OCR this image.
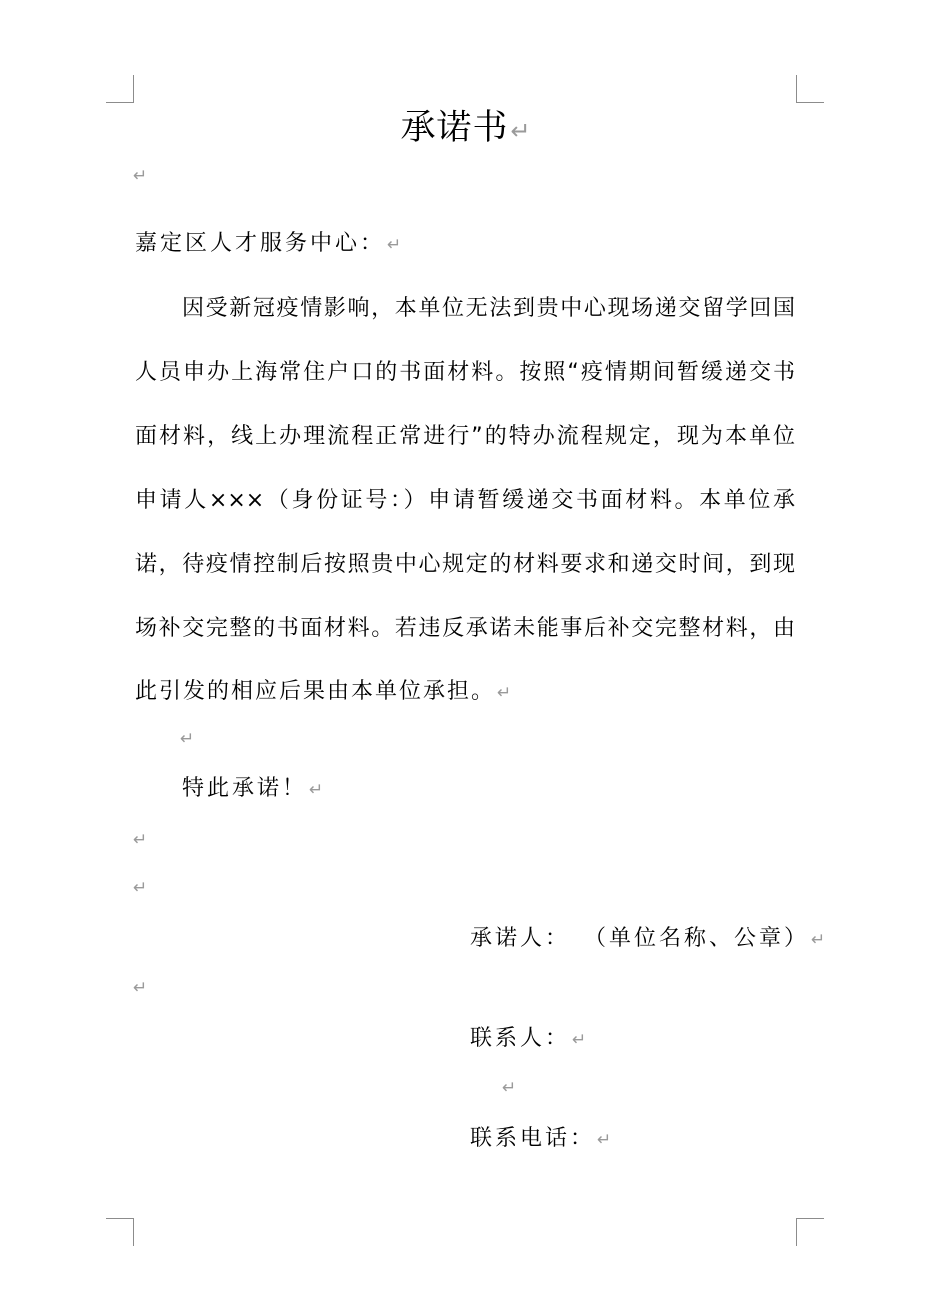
承诺书↵
↵
嘉定区人才服务中心： ↵
因受新冠疫情影响，本单位无法到贵中心现场递交留学回国
人员申办上海常住户口的书面材料。按照“疫情期间暂缓递交书
面材料，线上办理流程正常进行”的特办流程规定，现为本单位
申请人×××（身份证号：）申请暂缓递交书面材料。本单位承
诺，待疫情控制后按照贵中心规定的材料要求和递交时间，到现
场补交完整的书面材料。若违反承诺未能事后补交完整材料，由
此引发的相应后果由本单位承担。 ↵
↵
特此承诺！ ↵
↵
↵
承诺人： （单位名称、公章） ↵
↵
联系人： ↵
↵
联系电话： ↵
